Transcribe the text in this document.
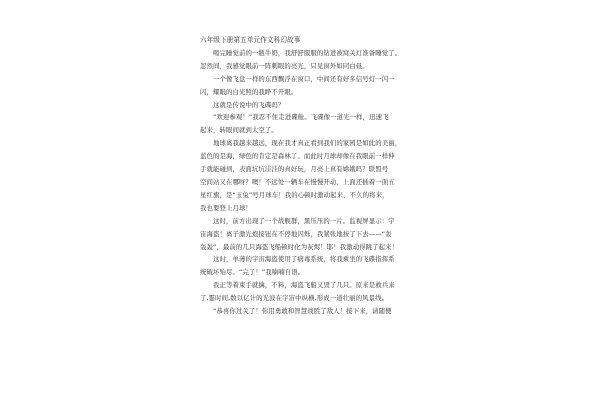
六年级下册第五单元作文科幻故事
喝完睡觉前的一瓶牛奶，我舒舒服服的钻进被窝关灯准备睡觉了。
忽然间，我感觉眼前一阵刺眼的亮光，只见窗外如同白昼。
一个像飞盘一样的东西飘浮在窗口，中间还有好多信号灯一闪一
闪，耀眼的白光照的我睁不开眼。
这就是传说中的飞碟吗？
“欢迎参观！”我忍不住走进碟舱。飞碟像一道光一样，迅速飞
起来，转眼间就到太空了。
地球离我越来越远，现在我才真正看到我们的家园是如此的美丽，
蓝色的是海，绿色的肯定是森林了。而此时月球却像在我眼前一样伸
手就能碰到，表面坑坑洼洼的真好玩，月亮上真有嫦娥吗？联盟号
空间站又在哪呀？噢！不远处一辆车在慢慢开动，上面还插着一面五
星红旗，是“玉兔”号月球车！我的心顿时激动起来，不久的将来，
我也要登上月球！
这时，前方出现了一个战舰群，黑压压的一片。监视屏显示：宇
宙海盗！离子激光炮接钮在不停地闪烁，我紧张地按了下去——“轰
轰轰”，最前的几只海盗飞船顿时化为灰烬！耶！我激动得跳了起来！
这时，单薄的宇宙海盗使用了病毒系统，将我乘坐的飞碟指挥系
统破坏殆尽。“完了！”我喃喃自语。
我正等着束手就擒，不料，海盗飞船又毁了几只。原来是救兵来
了,霎时间,数以亿计的光波在宇宙中纵横,形成一道壮丽的风景线。
“恭喜你过关了！你用勇敢和智慧战胜了敌人！接下来，请随便
